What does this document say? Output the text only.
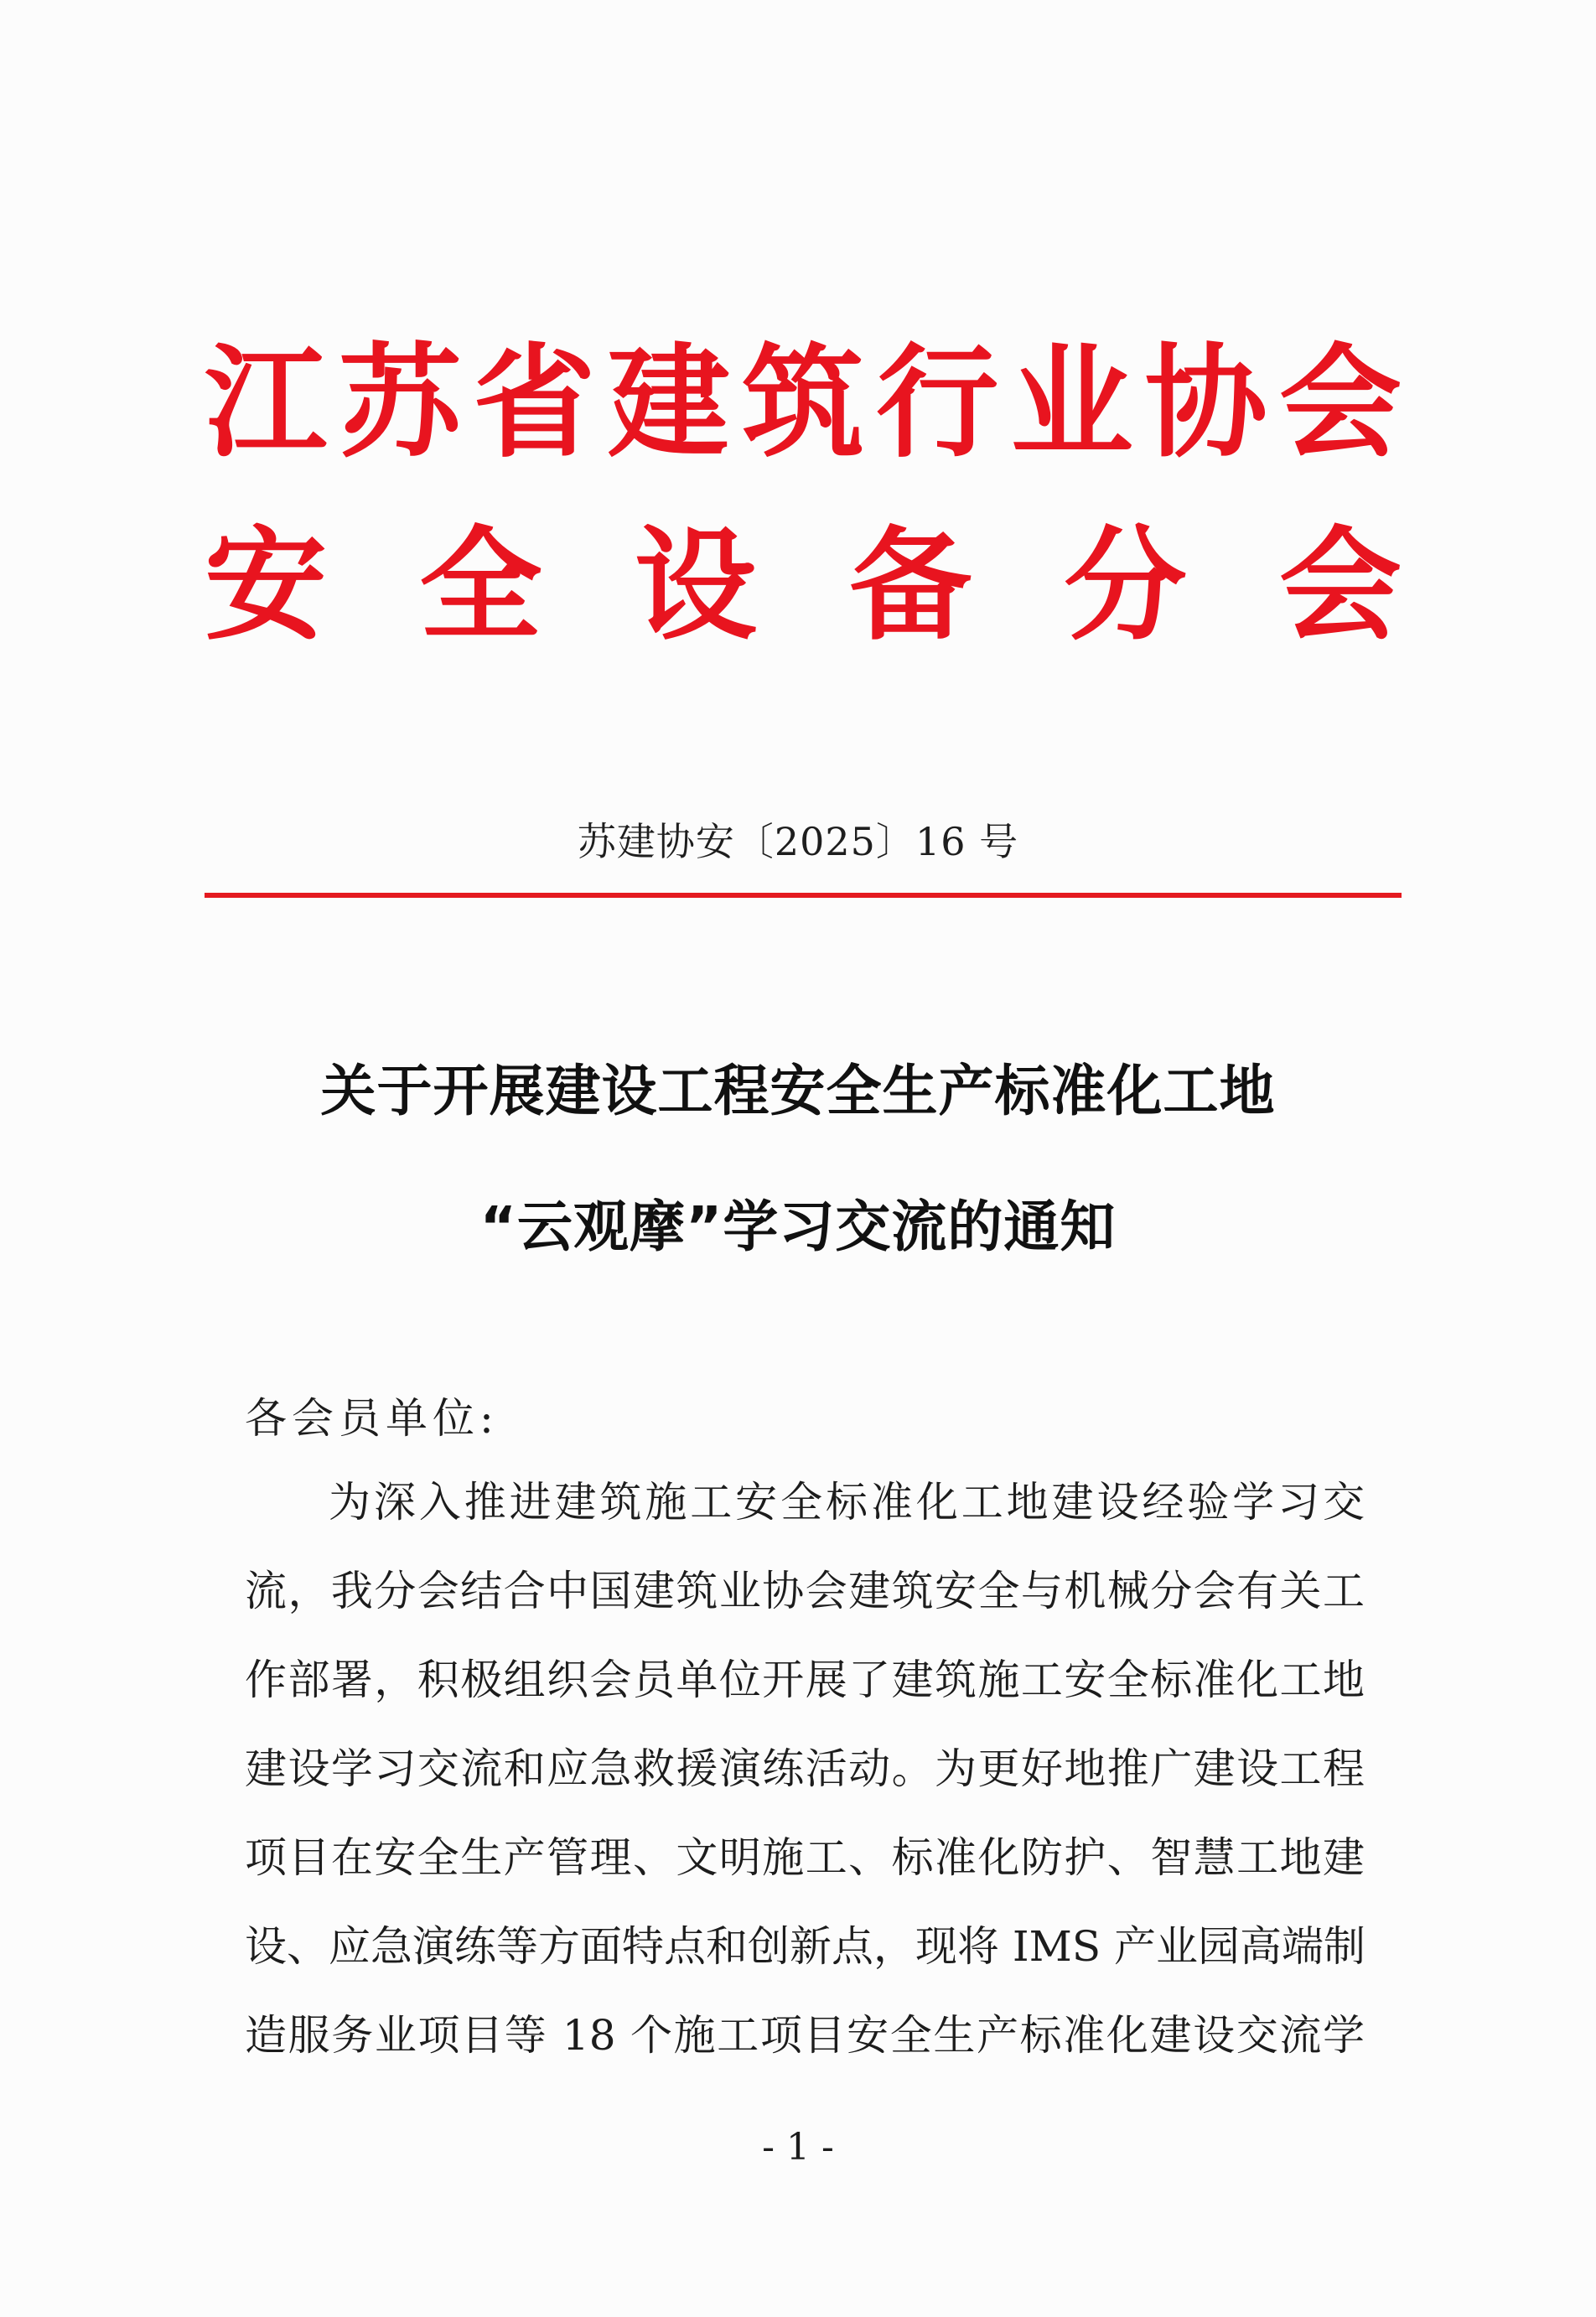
江 苏 省 建 筑 行 业 协 会
安 全 设 备 分 会
苏建协安〔2025〕16 号
关于开展建设工程安全生产标准化工地
“云观摩”学习交流的通知
各会员单位:
为深入推进建筑施工安全标准化工地建设经验学习交
流，我分会结合中国建筑业协会建筑安全与机械分会有关工
作部署，积极组织会员单位开展了建筑施工安全标准化工地
建设学习交流和应急救援演练活动。为更好地推广建设工程
项目在安全生产管理、文明施工、标准化防护、智慧工地建
设、应急演练等方面特点和创新点，现将 IMS 产业园高端制
造服务业项目等 18 个施工项目安全生产标准化建设交流学
- 1 -
